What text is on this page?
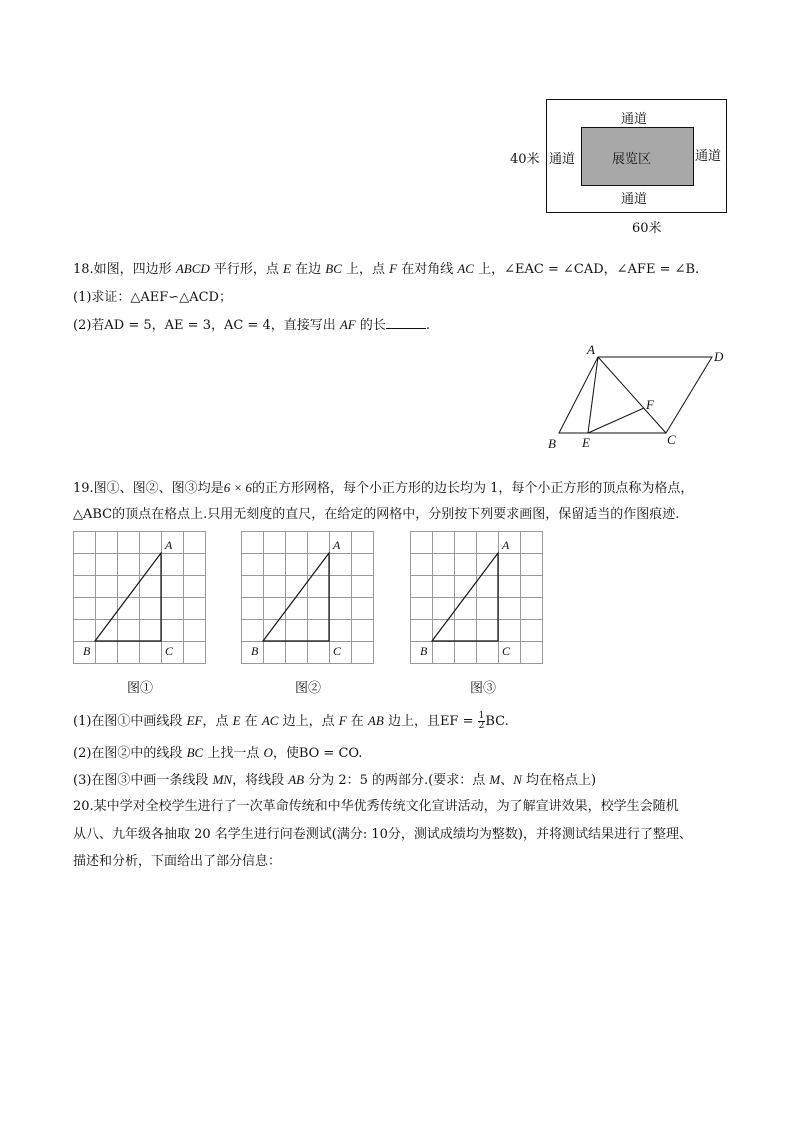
展览区
通道
通道
通道	通道
40米
60米
18.如图，四边形 ABCD 平行形，点 E 在边 BC 上，点 F 在对角线 AC 上，∠EAC = ∠CAD，∠AFE = ∠B.
(1)求证：△AEF∽△ACD；
(2)若AD = 5，AE = 3，AC = 4，直接写出 AF 的长	.
A	D
F
B E	C
19.图①、图②、图③均是6 × 6的正方形网格，每个小正方形的边长均为 1，每个小正方形的顶点称为格点，
△ABC的顶点在格点上.只用无刻度的直尺，在给定的网格中，分别按下列要求画图，保留适当的作图痕迹.
A
B	C
A
B	C
A
B	C
图①	图②	图③
(1)在图①中画线段 EF，点 E 在 AC 边上，点 F 在 AB 边上，且EF = $\frac{1}{2}$ BC.
(2)在图②中的线段 BC 上找一点 O，使BO = CO.
(3)在图③中画一条线段 MN，将线段 AB 分为 2：5 的两部分.(要求：点 M、N 均在格点上)
20.某中学对全校学生进行了一次革命传统和中华优秀传统文化宣讲活动，为了解宣讲效果，校学生会随机
从八、九年级各抽取 20 名学生进行问卷测试(满分: 10分，测试成绩均为整数)，并将测试结果进行了整理、
描述和分析，下面给出了部分信息：
